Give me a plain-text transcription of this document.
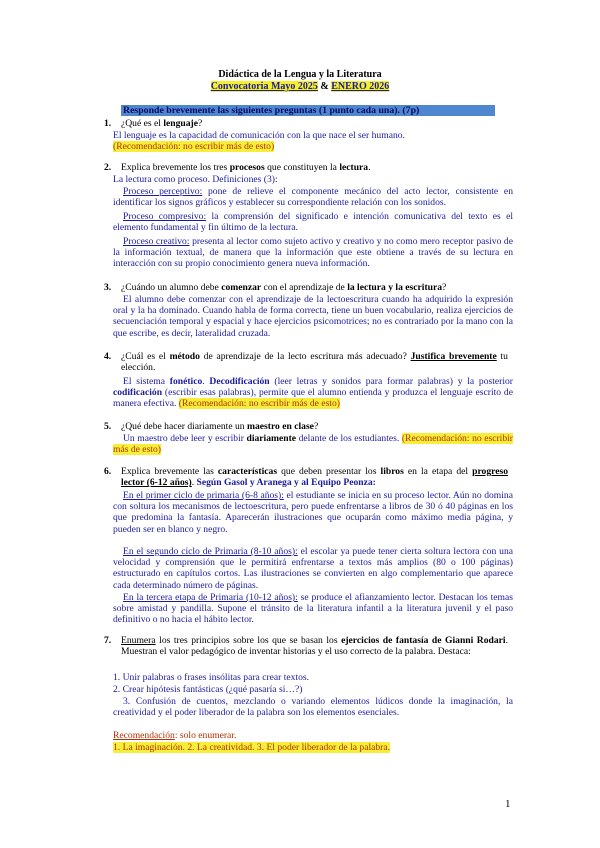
Didáctica de la Lengua y la Literatura
Convocatoria Mayo 2025 & ENERO 2026
Responde brevemente las siguientes preguntas (1 punto cada una). (7p)
1. ¿Qué es el lenguaje?
El lenguaje es la capacidad de comunicación con la que nace el ser humano.
(Recomendación: no escribir más de esto)
2. Explica brevemente los tres procesos que constituyen la lectura.
La lectura como proceso. Definiciones (3):
Proceso perceptivo: pone de relieve el componente mecánico del acto lector, consistente en identificar los signos gráficos y establecer su correspondiente relación con los sonidos.
Proceso compresivo: la comprensión del significado e intención comunicativa del texto es el elemento fundamental y fin último de la lectura.
Proceso creativo: presenta al lector como sujeto activo y creativo y no como mero receptor pasivo de la información textual, de manera que la información que este obtiene a través de su lectura en interacción con su propio conocimiento genera nueva información.
3. ¿Cuándo un alumno debe comenzar con el aprendizaje de la lectura y la escritura?
El alumno debe comenzar con el aprendizaje de la lectoescritura cuando ha adquirido la expresión oral y la ha dominado. Cuando habla de forma correcta, tiene un buen vocabulario, realiza ejercicios de secuenciación temporal y espacial y hace ejercicios psicomotrices; no es contrariado por la mano con la que escribe, es decir, lateralidad cruzada.
4. ¿Cuál es el método de aprendizaje de la lecto escritura más adecuado? Justifica brevemente tu elección.
El sistema fonético. Decodificación (leer letras y sonidos para formar palabras) y la posterior codificación (escribir esas palabras), permite que el alumno entienda y produzca el lenguaje escrito de manera efectiva. (Recomendación: no escribir más de esto)
5. ¿Qué debe hacer diariamente un maestro en clase?
Un maestro debe leer y escribir diariamente delante de los estudiantes. (Recomendación: no escribir más de esto)
6. Explica brevemente las características que deben presentar los libros en la etapa del progreso lector (6-12 años). Según Gasol y Aranega y al Equipo Peonza:
En el primer ciclo de primaria (6-8 años): el estudiante se inicia en su proceso lector. Aún no domina con soltura los mecanismos de lectoescritura, pero puede enfrentarse a libros de 30 ó 40 páginas en los que predomina la fantasía. Aparecerán ilustraciones que ocuparán como máximo media página, y pueden ser en blanco y negro.
En el segundo ciclo de Primaria (8-10 años): el escolar ya puede tener cierta soltura lectora con una velocidad y comprensión que le permitirá enfrentarse a textos más amplios (80 o 100 páginas) estructurado en capítulos cortos. Las ilustraciones se convierten en algo complementario que aparece cada determinado número de páginas.
En la tercera etapa de Primaria (10-12 años): se produce el afianzamiento lector. Destacan los temas sobre amistad y pandilla. Supone el tránsito de la literatura infantil a la literatura juvenil y el paso definitivo o no hacia el hábito lector.
7. Enumera los tres principios sobre los que se basan los ejercicios de fantasía de Gianni Rodari. Muestran el valor pedagógico de inventar historias y el uso correcto de la palabra. Destaca:
1. Unir palabras o frases insólitas para crear textos.
2. Crear hipótesis fantásticas (¿qué pasaría si…?)
3. Confusión de cuentos, mezclando o variando elementos lúdicos donde la imaginación, la creatividad y el poder liberador de la palabra son los elementos esenciales.
Recomendación: solo enumerar.
1. La imaginación. 2. La creatividad. 3. El poder liberador de la palabra.
1
